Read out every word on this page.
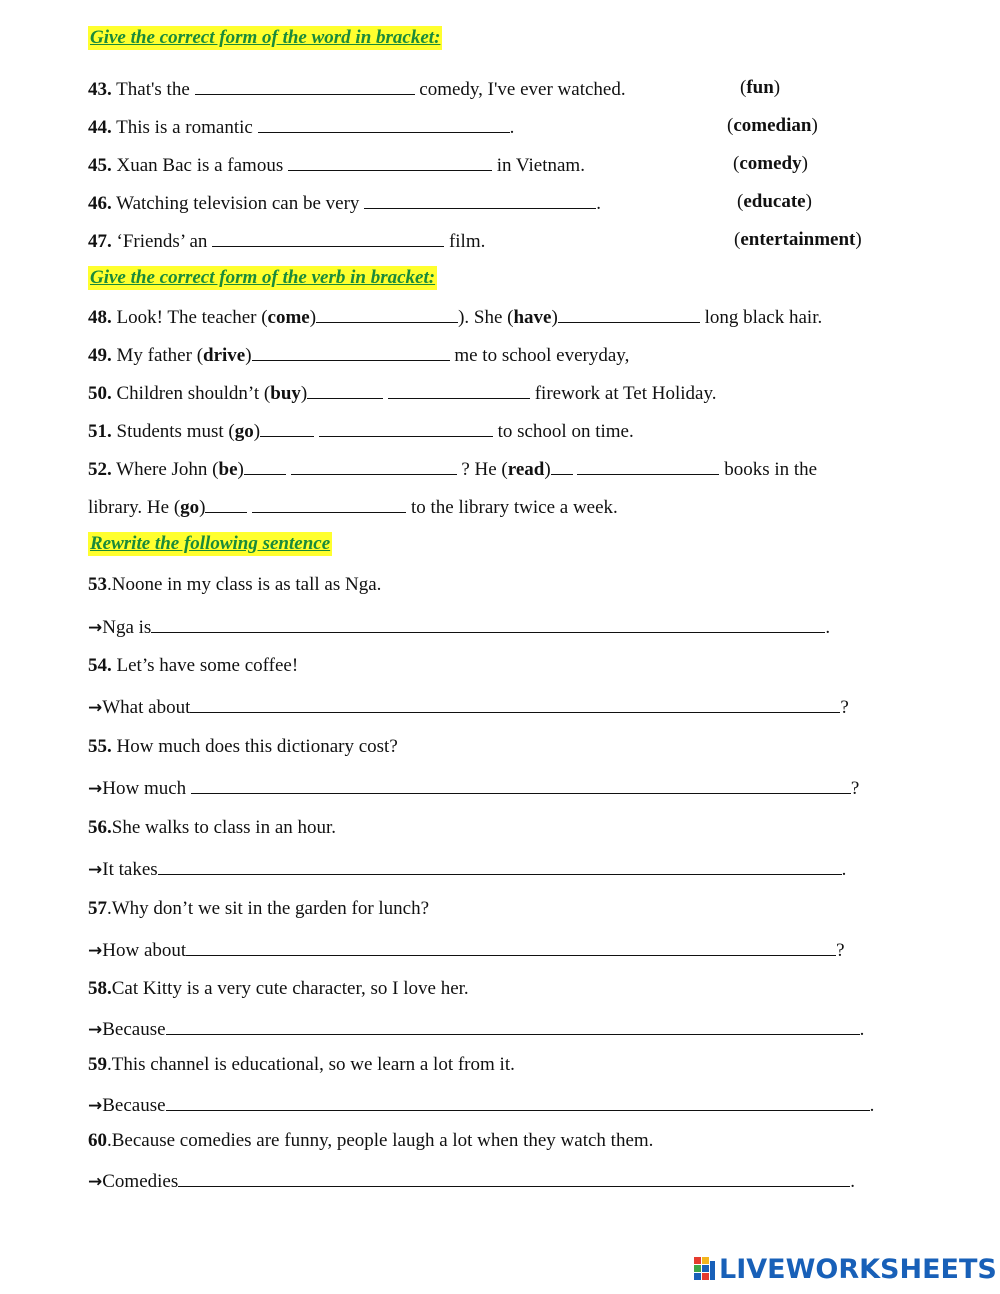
Give the correct form of the word in bracket:
43. That's the	comedy, I've ever watched.	(fun)
44. This is a romantic	.	(comedian)
45. Xuan Bac is a famous	in Vietnam.	(comedy)
46. Watching television can be very	.	(educate)
47. ‘Friends’ an	film.	(entertainment)
Give the correct form of the verb in bracket:
48. Look! The teacher (come)	). She (have)	long black hair.
49. My father (drive)	me to school everyday,
50. Children shouldn’t (buy)	firework at Tet Holiday.
51. Students must (go)	to school on time.
52. Where John (be)	? He (read)	books in the
library. He (go)	to the library twice a week.
Rewrite the following sentence
53.Noone in my class is as tall as Nga.
→Nga is	.
54. Let’s have some coffee!
→What about	?
55. How much does this dictionary cost?
→How much	?
56.She walks to class in an hour.
→It takes	.
57.Why don’t we sit in the garden for lunch?
→How about	?
58.Cat Kitty is a very cute character, so I love her.
→Because	.
59.This channel is educational, so we learn a lot from it.
→Because	.
60.Because comedies are funny, people laugh a lot when they watch them.
→Comedies	.
LIVEWORKSHEETS
